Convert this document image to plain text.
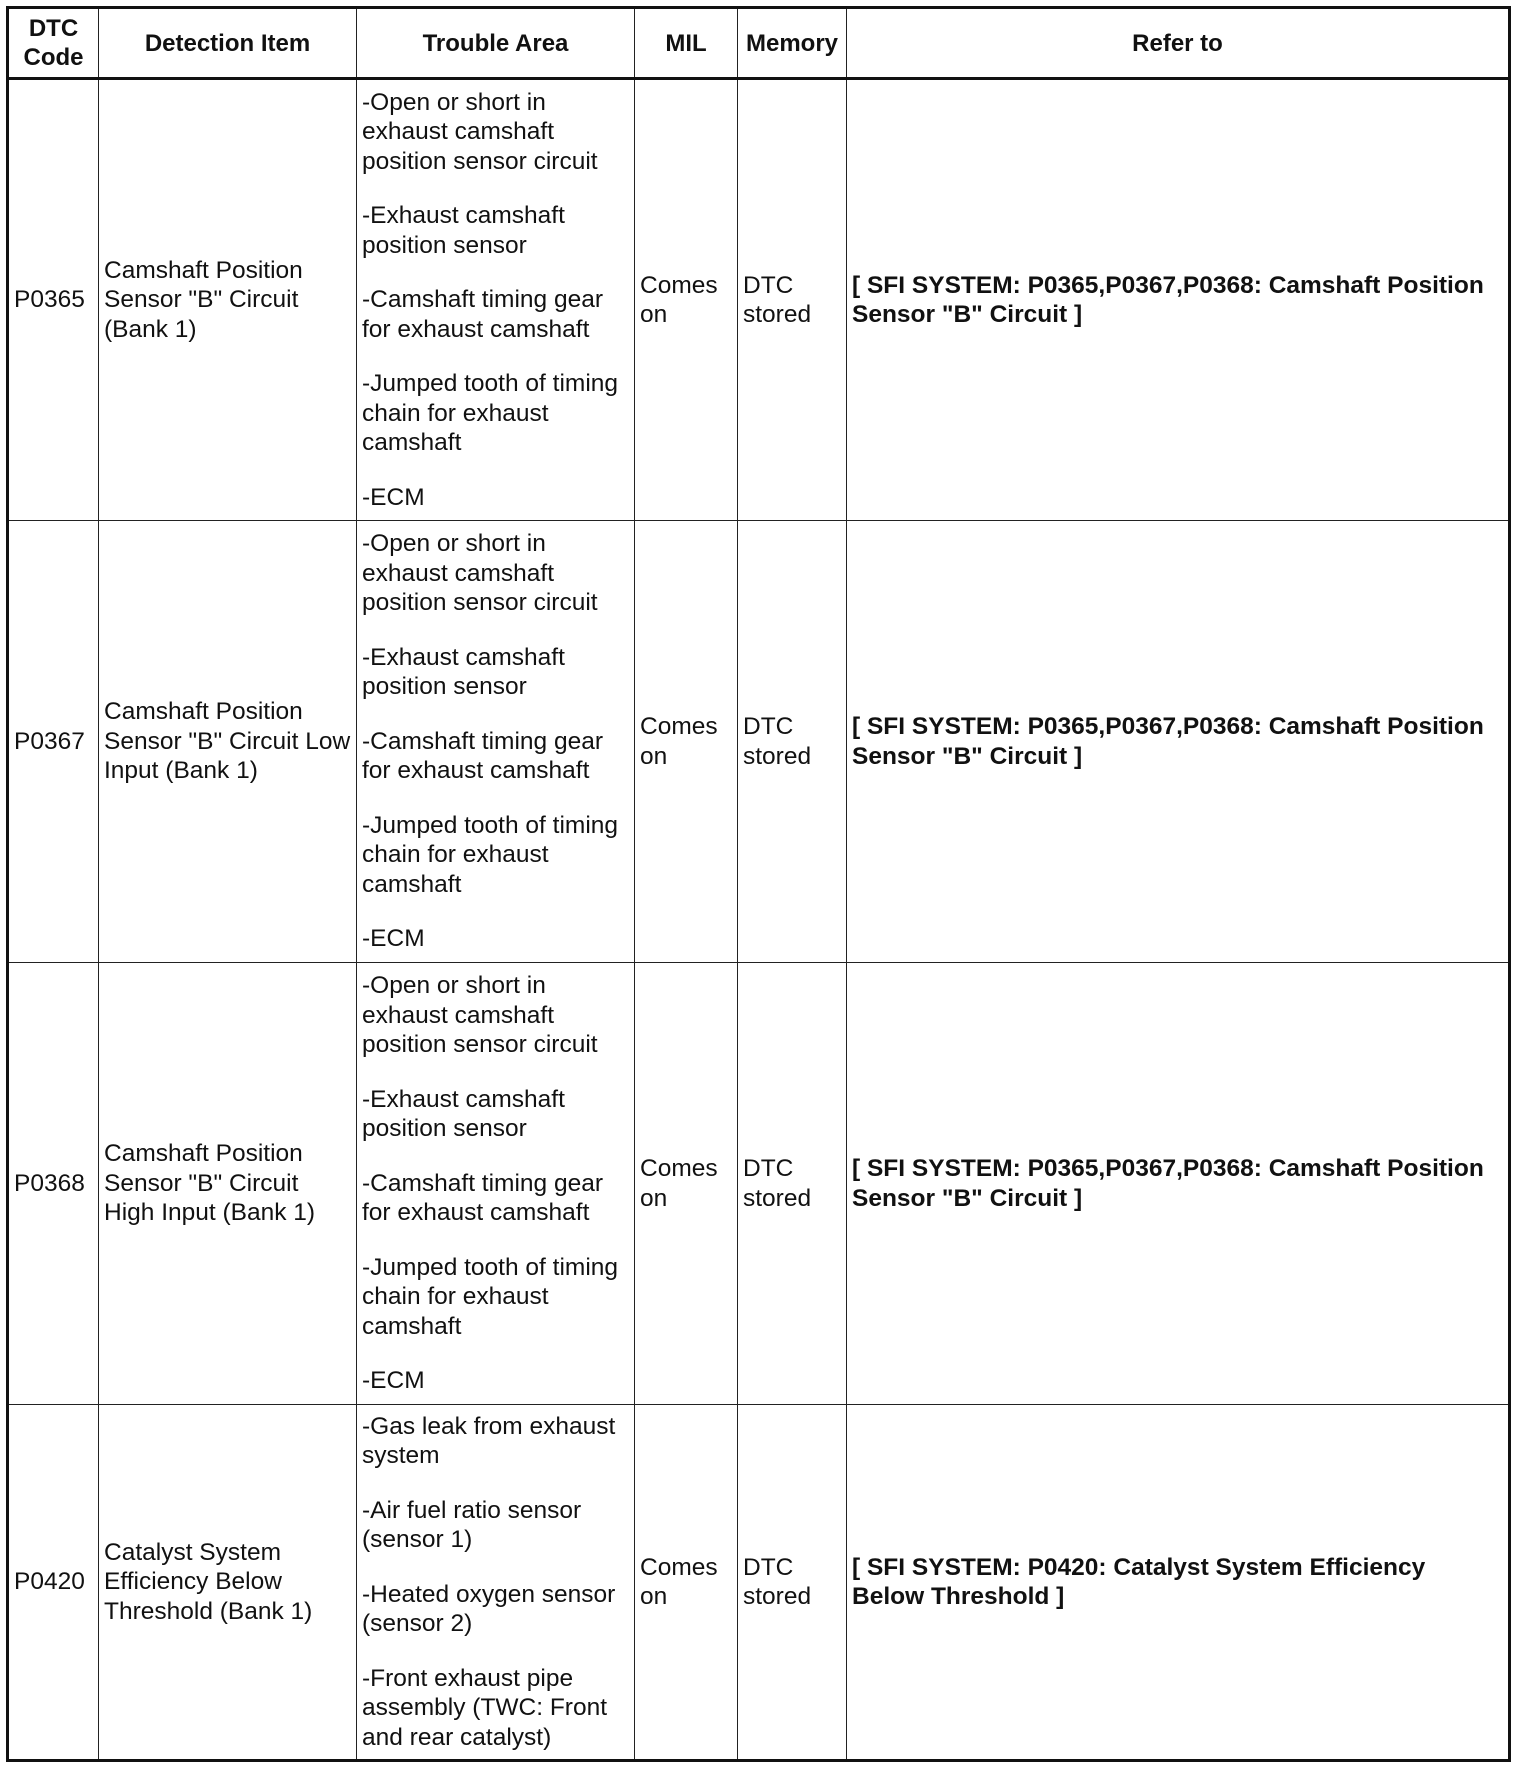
DTC Code	Detection Item	Trouble Area	MIL	Memory	Refer to
P0365	Camshaft Position Sensor "B" Circuit (Bank 1)	-Open or short in exhaust camshaft position sensor circuit

-Exhaust camshaft position sensor

-Camshaft timing gear for exhaust camshaft

-Jumped tooth of timing chain for exhaust camshaft

-ECM	Comes on	DTC stored	[ SFI SYSTEM: P0365,P0367,P0368: Camshaft Position Sensor "B" Circuit ]
P0367	Camshaft Position Sensor "B" Circuit Low Input (Bank 1)	-Open or short in exhaust camshaft position sensor circuit

-Exhaust camshaft position sensor

-Camshaft timing gear for exhaust camshaft

-Jumped tooth of timing chain for exhaust camshaft

-ECM	Comes on	DTC stored	[ SFI SYSTEM: P0365,P0367,P0368: Camshaft Position Sensor "B" Circuit ]
P0368	Camshaft Position Sensor "B" Circuit High Input (Bank 1)	-Open or short in exhaust camshaft position sensor circuit

-Exhaust camshaft position sensor

-Camshaft timing gear for exhaust camshaft

-Jumped tooth of timing chain for exhaust camshaft

-ECM	Comes on	DTC stored	[ SFI SYSTEM: P0365,P0367,P0368: Camshaft Position Sensor "B" Circuit ]
P0420	Catalyst System Efficiency Below Threshold (Bank 1)	-Gas leak from exhaust system

-Air fuel ratio sensor (sensor 1)

-Heated oxygen sensor (sensor 2)

-Front exhaust pipe assembly (TWC: Front and rear catalyst)	Comes on	DTC stored	[ SFI SYSTEM: P0420: Catalyst System Efficiency Below Threshold ]
